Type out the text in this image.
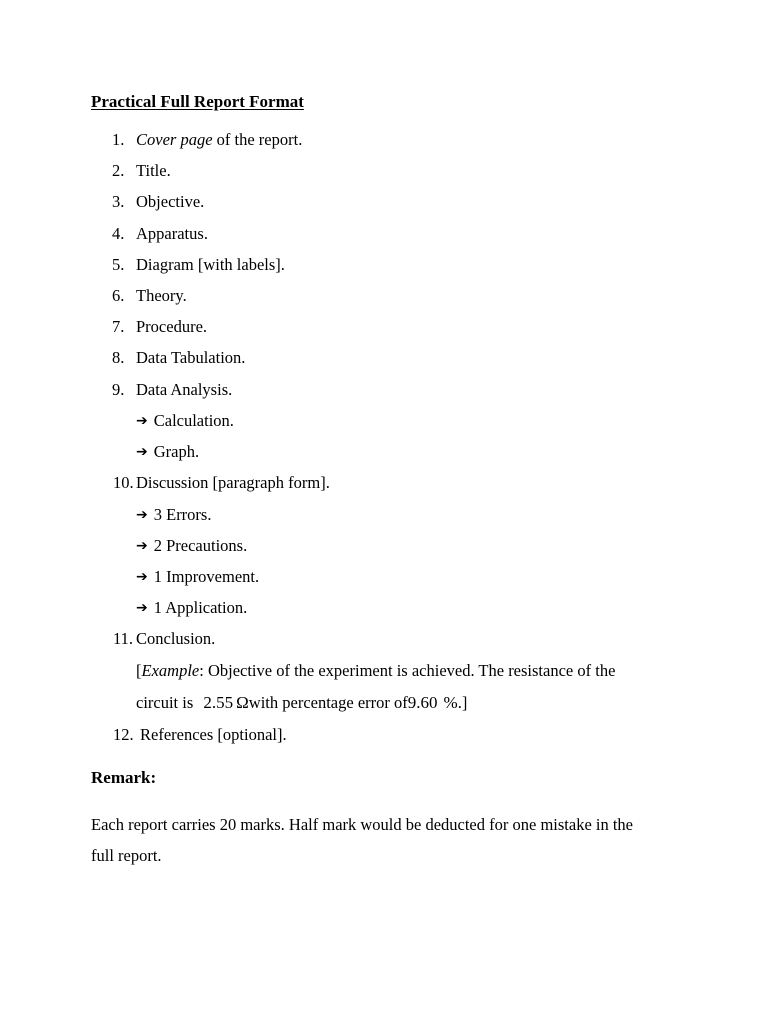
Practical Full Report Format
1. Cover page of the report.
2. Title.
3. Objective.
4. Apparatus.
5. Diagram [with labels].
6. Theory.
7. Procedure.
8. Data Tabulation.
9. Data Analysis.
➔ Calculation.
➔ Graph.
10. Discussion [paragraph form].
➔ 3 Errors.
➔ 2 Precautions.
➔ 1 Improvement.
➔ 1 Application.
11. Conclusion.
[Example: Objective of the experiment is achieved. The resistance of the
circuit is 2.55 Ωwith percentage error of9.60 %.]
12. References [optional].
Remark:
Each report carries 20 marks. Half mark would be deducted for one mistake in the
full report.
